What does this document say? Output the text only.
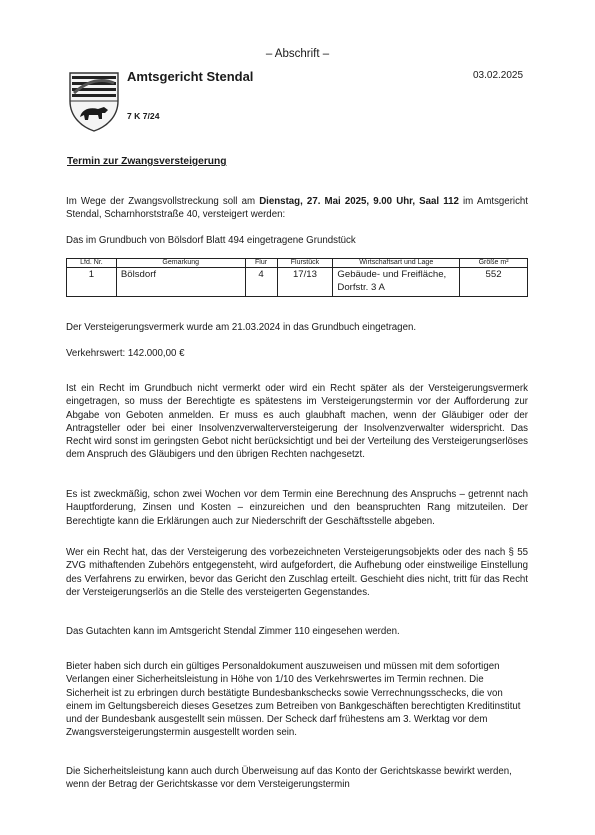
– Abschrift –
Amtsgericht Stendal
7 K 7/24
03.02.2025
Termin zur Zwangsversteigerung
Im Wege der Zwangsvollstreckung soll am Dienstag, 27. Mai 2025, 9.00 Uhr, Saal 112 im Amtsgericht Stendal, Scharnhorststraße 40, versteigert werden:
Das im Grundbuch von Bölsdorf Blatt 494 eingetragene Grundstück
Lfd. Nr.	Gemarkung	Flur	Flurstück	Wirtschaftsart und Lage	Größe m²
1	Bölsdorf	4	17/13	Gebäude- und Freifläche, Dorfstr. 3 A	552
Der Versteigerungsvermerk wurde am 21.03.2024 in das Grundbuch eingetragen.
Verkehrswert: 142.000,00 €
Ist ein Recht im Grundbuch nicht vermerkt oder wird ein Recht später als der Versteigerungsvermerk eingetragen, so muss der Berechtigte es spätestens im Versteigerungstermin vor der Aufforderung zur Abgabe von Geboten anmelden. Er muss es auch glaubhaft machen, wenn der Gläubiger oder der Antragsteller oder bei einer Insolvenzverwalterversteigerung der Insolvenzverwalter widerspricht. Das Recht wird sonst im geringsten Gebot nicht berücksichtigt und bei der Verteilung des Versteigerungserlöses dem Anspruch des Gläubigers und den übrigen Rechten nachgesetzt.
Es ist zweckmäßig, schon zwei Wochen vor dem Termin eine Berechnung des Anspruchs – getrennt nach Hauptforderung, Zinsen und Kosten – einzureichen und den beanspruchten Rang mitzuteilen. Der Berechtigte kann die Erklärungen auch zur Niederschrift der Geschäftsstelle abgeben.
Wer ein Recht hat, das der Versteigerung des vorbezeichneten Versteigerungsobjekts oder des nach § 55 ZVG mithaftenden Zubehörs entgegensteht, wird aufgefordert, die Aufhebung oder einstweilige Einstellung des Verfahrens zu erwirken, bevor das Gericht den Zuschlag erteilt. Geschieht dies nicht, tritt für das Recht der Versteigerungserlös an die Stelle des versteigerten Gegenstandes.
Das Gutachten kann im Amtsgericht Stendal Zimmer 110 eingesehen werden.
Bieter haben sich durch ein gültiges Personaldokument auszuweisen und müssen mit dem sofortigen Verlangen einer Sicherheitsleistung in Höhe von 1/10 des Verkehrswertes im Termin rechnen. Die Sicherheit ist zu erbringen durch bestätigte Bundesbankschecks sowie Verrechnungsschecks, die von einem im Geltungsbereich dieses Gesetzes zum Betreiben von Bankgeschäften berechtigten Kreditinstitut und der Bundesbank ausgestellt sein müssen. Der Scheck darf frühestens am 3. Werktag vor dem Zwangsversteigerungstermin ausgestellt worden sein.
Die Sicherheitsleistung kann auch durch Überweisung auf das Konto der Gerichtskasse bewirkt werden, wenn der Betrag der Gerichtskasse vor dem Versteigerungstermin
